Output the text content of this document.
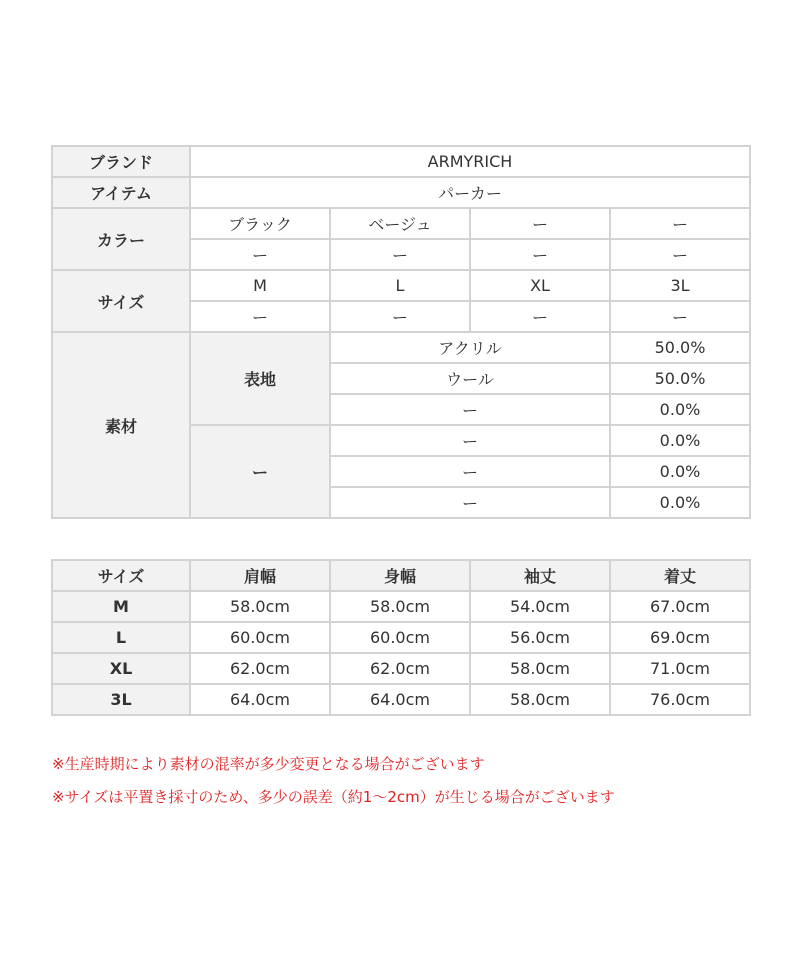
ブランド	ARMYRICH			
アイテム	パーカー			
カラー	ブラック	ベージュ	ー	ー
	ー	ー	ー	ー
サイズ	M	L	XL	3L
	ー	ー	ー	ー
素材	表地	アクリル		50.0%
		ウール		50.0%
		ー		0.0%
	ー	ー		0.0%
		ー		0.0%
		ー		0.0%
サイズ	肩幅	身幅	袖丈	着丈
M	58.0cm	58.0cm	54.0cm	67.0cm
L	60.0cm	60.0cm	56.0cm	69.0cm
XL	62.0cm	62.0cm	58.0cm	71.0cm
3L	64.0cm	64.0cm	58.0cm	76.0cm
※生産時期により素材の混率が多少変更となる場合がございます
※サイズは平置き採寸のため、多少の誤差（約1～2cm）が生じる場合がございます
